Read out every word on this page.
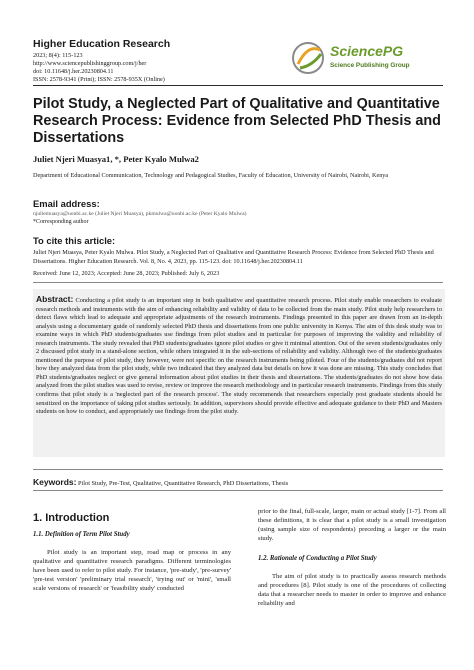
Higher Education Research
2023; 8(4): 115-123
http://www.sciencepublishinggroup.com/j/her
doi: 10.11648/j.her.20230804.11
ISSN: 2578-9341 (Print); ISSN: 2578-935X (Online)
SciencePG
Science Publishing Group
Pilot Study, a Neglected Part of Qualitative and Quantitative Research Process: Evidence from Selected PhD Thesis and Dissertations
Juliet Njeri Muasya1, *, Peter Kyalo Mulwa2
Department of Educational Communication, Technology and Pedagogical Studies, Faculty of Education, University of Nairobi, Nairobi, Kenya
Email address:
njuliemuasya@uonbi.ac.ke (Juliet Njeri Muasya), pkmulwa@uonbi.ac.ke (Peter Kyalo Mulwa)
*Corresponding author
To cite this article:
Juliet Njeri Muasya, Peter Kyalo Mulwa. Pilot Study, a Neglected Part of Qualitative and Quantitative Research Process: Evidence from Selected PhD Thesis and Dissertations. Higher Education Research. Vol. 8, No. 4, 2023, pp. 115-123. doi: 10.11648/j.her.20230804.11
Received: June 12, 2023; Accepted: June 28, 2023; Published: July 6, 2023
Abstract: Conducting a pilot study is an important step in both qualitative and quantitative research process. Pilot study enable researchers to evaluate research methods and instruments with the aim of enhancing reliability and validity of data to be collected from the main study. Pilot study help researchers to detect flaws which lead to adequate and appropriate adjustments of the research instruments. Findings presented in this paper are drawn from an in-depth analysis using a documentary guide of randomly selected PhD thesis and dissertations from one public university in Kenya. The aim of this desk study was to examine ways in which PhD students/graduates use findings from pilot studies and in particular for purposes of improving the validity and reliability of research instruments. The study revealed that PhD students/graduates ignore pilot studies or give it minimal attention. Out of the seven students/graduates only 2 discussed pilot study in a stand-alone section, while others integrated it in the sub-sections of reliability and validity. Although two of the students/graduates mentioned the purpose of pilot study, they however, were not specific on the research instruments being piloted. Four of the students/graduates did not report how they analyzed data from the pilot study, while two indicated that they analyzed data but details on how it was done are missing. This study concludes that PhD students/graduates neglect or give general information about pilot studies in their thesis and dissertations. The students/graduates do not show how data analyzed from the pilot studies was used to revise, review or improve the research methodology and in particular research instruments. Findings from this study confirms that pilot study is a 'neglected part of the research process'. The study recommends that researchers especially post graduate students should be sensitized on the importance of taking pilot studies seriously. In addition, supervisors should provide effective and adequate guidance to their PhD and Masters students on how to conduct, and appropriately use findings from the pilot study.
Keywords: Pilot Study, Pre-Test, Qualitative, Quantitative Research, PhD Dissertations, Thesis
1. Introduction
1.1. Definition of Term Pilot Study
Pilot study is an important step, road map or process in any qualitative and quantitative research paradigms. Different terminologies have been used to refer to pilot study. For instance, 'pre-study', 'pre-survey' 'pre-test version' 'preliminary trial research', 'trying out' or 'mini', 'small scale versions of research' or 'feasibility study' conducted
prior to the final, full-scale, larger, main or actual study [1-7]. From all these definitions, it is clear that a pilot study is a small investigation (using sample size of respondents) preceding a larger or the main study.
1.2. Rationale of Conducting a Pilot Study
The aim of pilot study is to practically assess research methods and procedures [8]. Pilot study is one of the procedures of collecting data that a researcher needs to master in order to improve and enhance reliability and
